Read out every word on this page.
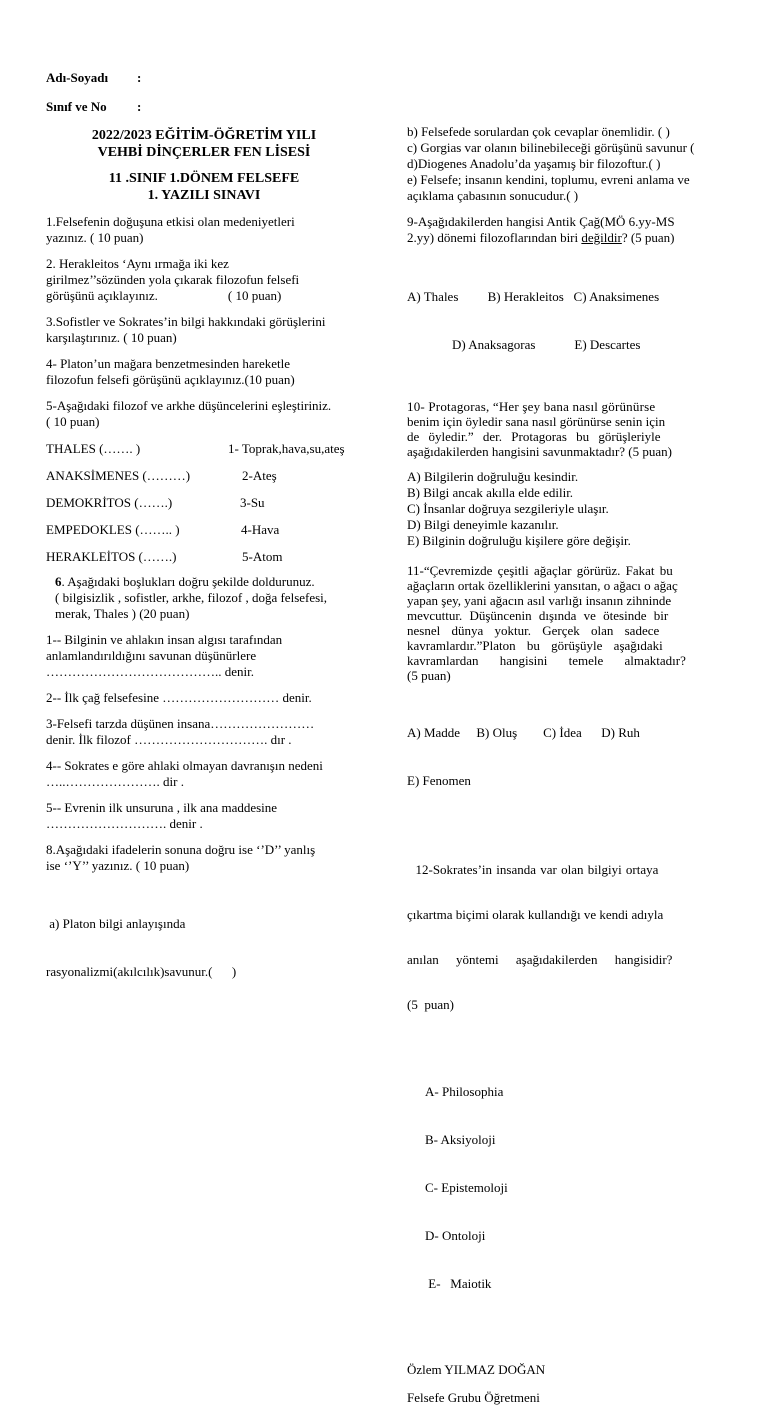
Adı-Soyadı :
Sınıf ve No :
2022/2023 EĞİTİM-ÖĞRETİM YILI
VEHBİ DİNÇERLER FEN LİSESİ
11 .SINIF 1.DÖNEM FELSEFE
1. YAZILI SINAVI

1.Felsefenin doğuşuna etkisi olan medeniyetleri

yazınız. ( 10 puan)

2. Herakleitos ‘Aynı ırmağa iki kez

girilmez’’sözünden yola çıkarak filozofun felsefi

görüşünü açıklayınız.	( 10 puan)

3.Sofistler ve Sokrates’in bilgi hakkındaki görüşlerini

karşılaştırınız. ( 10 puan)

4- Platon’un mağara benzetmesinden hareketle

filozofun felsefi görüşünü açıklayınız.(10 puan)

5-Aşağıdaki filozof ve arkhe düşüncelerini eşleştiriniz.

( 10 puan)

THALES (……. )	1- Toprak,hava,su,ateş
ANAKSİMENES (………)	2-Ateş
DEMOKRİTOS (…….)	3-Su
EMPEDOKLES (…….. )	4-Hava
HERAKLEİTOS (…….)	5-Atom

6. Aşağıdaki boşlukları doğru şekilde doldurunuz.

( bilgisizlik , sofistler, arkhe, filozof , doğa felsefesi,

merak, Thales ) (20 puan)

1-- Bilginin ve ahlakın insan algısı tarafından

anlamlandırıldığını savunan düşünürlere

………………………………….. denir.

2-- İlk çağ felsefesine ……………………… denir.

3-Felsefi tarzda düşünen insana……………………

denir. İlk filozof …………………………. dır .

4-- Sokrates e göre ahlaki olmayan davranışın nedeni

…..…………………. dir .

5-- Evrenin ilk unsuruna , ilk ana maddesine

………………………. denir .

8.Aşağıdaki ifadelerin sonuna doğru ise ‘’D’’ yanlış

ise ‘’Y’’ yazınız. ( 10 puan)

a) Platon bilgi anlayışında

rasyonalizmi(akılcılık)savunur.(      )

b) Felsefede sorulardan çok cevaplar önemlidir. ( )

c) Gorgias var olanın bilinebileceği görüşünü savunur (

d)Diogenes Anadolu’da yaşamış bir filozoftur.( )

e) Felsefe; insanın kendini, toplumu, evreni anlama ve

açıklama çabasının sonucudur.( )

9-Aşağıdakilerden hangisi Antik Çağ(MÖ 6.yy-MS

2.yy) dönemi filozoflarından biri değildir? (5 puan)

A) Thales         B) Herakleitos   C) Anaksimenes

D) Anaksagoras            E) Descartes

10- Protagoras, “Her şey bana nasıl görünürse

benim için öyledir sana nasıl görünürse senin için

de öyledir.” der. Protagoras bu görüşleriyle

aşağıdakilerden hangisini savunmaktadır? (5 puan)

A) Bilgilerin doğruluğu kesindir.

B) Bilgi ancak akılla elde edilir.

C) İnsanlar doğruya sezgileriyle ulaşır.

D) Bilgi deneyimle kazanılır.

E) Bilginin doğruluğu kişilere göre değişir.

11-“Çevremizde çeşitli ağaçlar görürüz. Fakat bu

ağaçların ortak özelliklerini yansıtan, o ağacı o ağaç

yapan şey, yani ağacın asıl varlığı insanın zihninde

mevcuttur. Düşüncenin dışında ve ötesinde bir

nesnel dünya yoktur. Gerçek olan sadece

kavramlardır.”Platon bu görüşüyle aşağıdaki

kavramlardan hangisini temele almaktadır?

(5 puan)

A) Madde     B) Oluş        C) İdea      D) Ruh

E) Fenomen

12-Sokrates’in insanda var olan bilgiyi ortaya

çıkartma biçimi olarak kullandığı ve kendi adıyla

anılan yöntemi aşağıdakilerden hangisidir?

(5  puan)

A- Philosophia

B- Aksiyoloji

C- Epistemoloji

D- Ontoloji

E-   Maiotik

Özlem YILMAZ DOĞAN
Felsefe Grubu Öğretmeni
